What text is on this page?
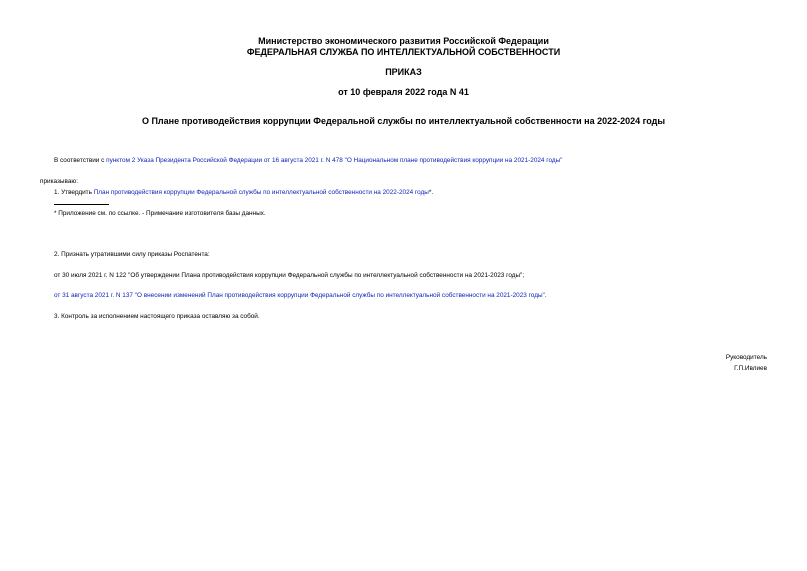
Министерство экономического развития Российской Федерации
ФЕДЕРАЛЬНАЯ СЛУЖБА ПО ИНТЕЛЛЕКТУАЛЬНОЙ СОБСТВЕННОСТИ
ПРИКАЗ
от 10 февраля 2022 года N 41
О Плане противодействия коррупции Федеральной службы по интеллектуальной собственности на 2022-2024 годы
В соответствии с пунктом 2 Указа Президента Российской Федерации от 16 августа 2021 г. N 478 "О Национальном плане противодействия коррупции на 2021-2024 годы"
приказываю:
1. Утвердить План противодействия коррупции Федеральной службы по интеллектуальной собственности на 2022-2024 годы*.
* Приложение см. по ссылке. - Примечание изготовителя базы данных.
2. Признать утратившими силу приказы Роспатента:
от 30 июля 2021 г. N 122 "Об утверждении Плана противодействия коррупции Федеральной службы по интеллектуальной собственности на 2021-2023 годы";
от 31 августа 2021 г. N 137 "О внесении изменений План противодействия коррупции Федеральной службы по интеллектуальной собственности на 2021-2023 годы".
3. Контроль за исполнением настоящего приказа оставляю за собой.
Руководитель
Г.П.Ивлиев
